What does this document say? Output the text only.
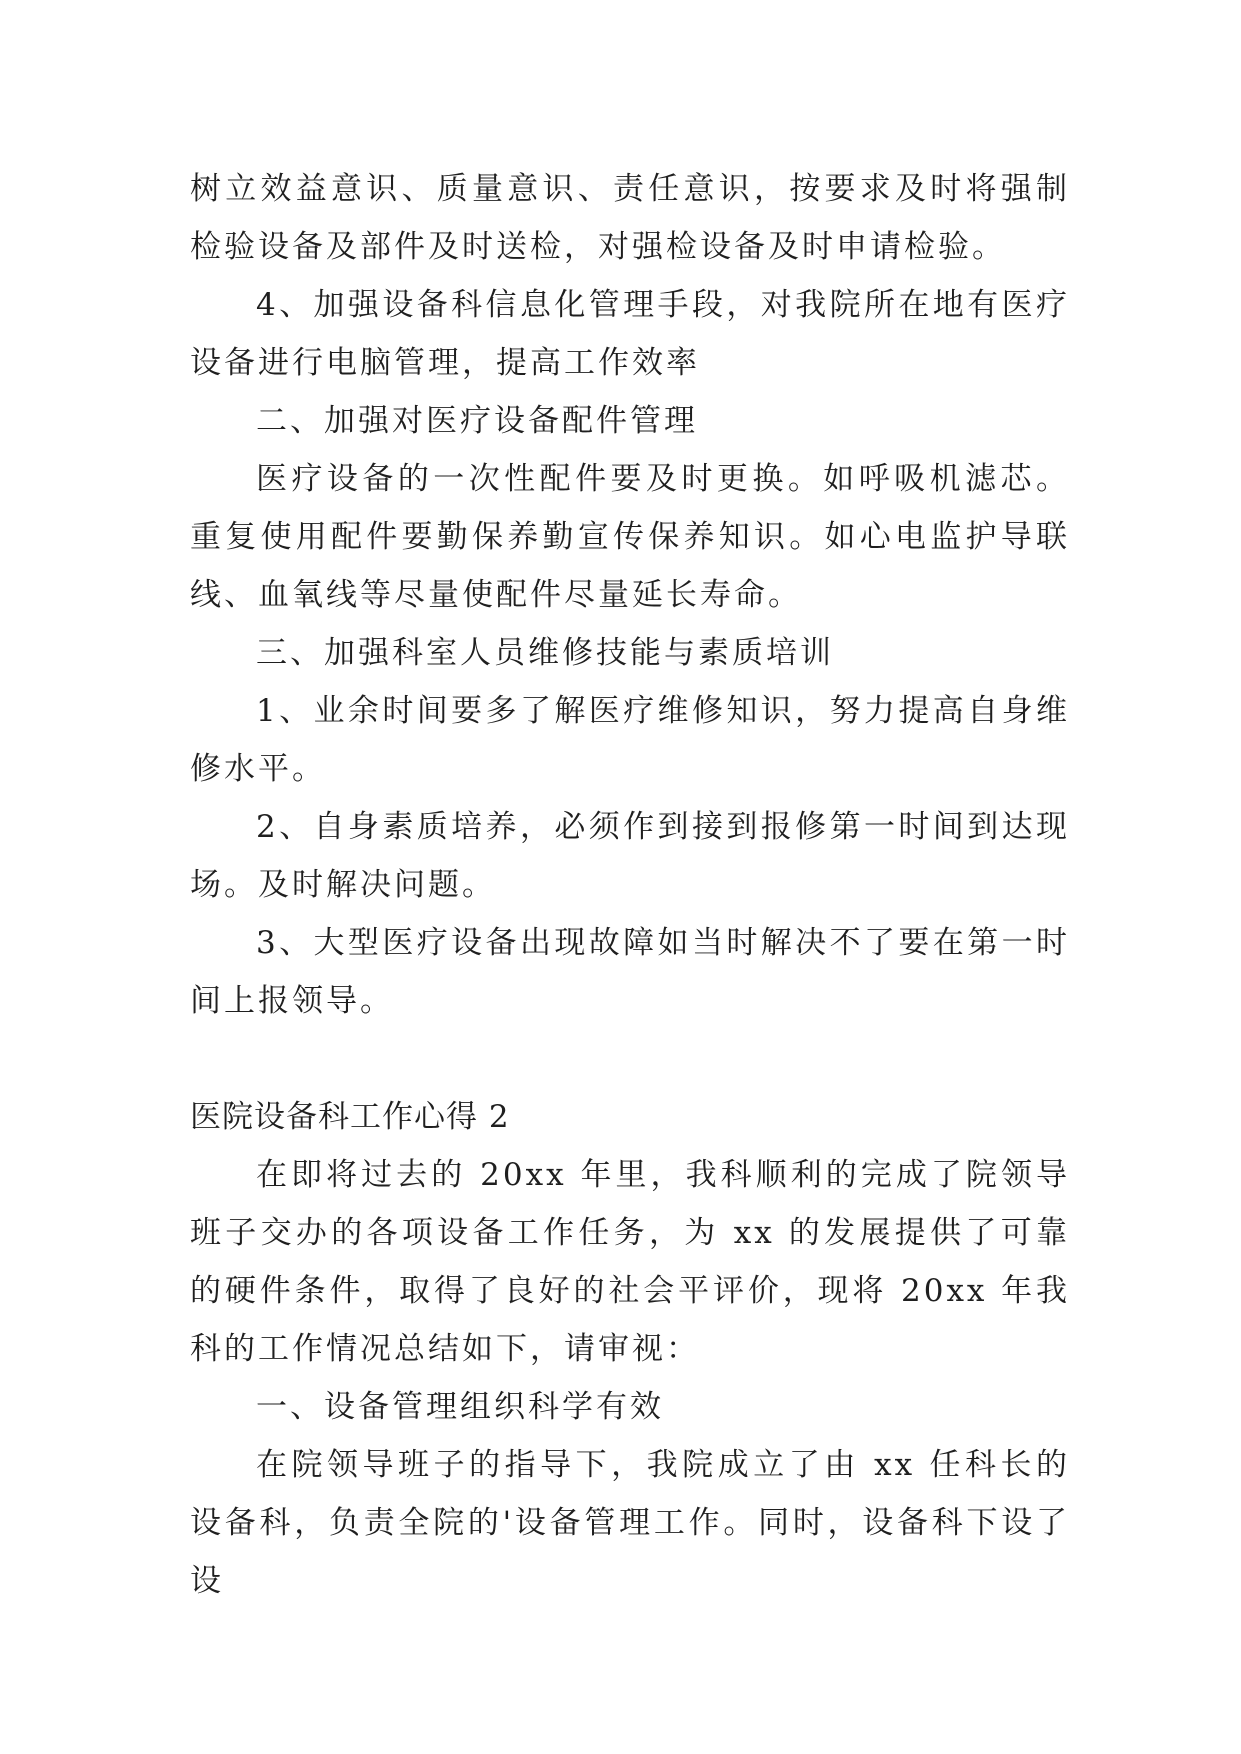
树立效益意识、质量意识、责任意识，按要求及时将强制检验设备及部件及时送检，对强检设备及时申请检验。

4、加强设备科信息化管理手段，对我院所在地有医疗设备进行电脑管理，提高工作效率

二、加强对医疗设备配件管理

医疗设备的一次性配件要及时更换。如呼吸机滤芯。重复使用配件要勤保养勤宣传保养知识。如心电监护导联线、血氧线等尽量使配件尽量延长寿命。

三、加强科室人员维修技能与素质培训

1、业余时间要多了解医疗维修知识，努力提高自身维修水平。

2、自身素质培养，必须作到接到报修第一时间到达现场。及时解决问题。

3、大型医疗设备出现故障如当时解决不了要在第一时间上报领导。

医院设备科工作心得 2

在即将过去的 20xx 年里，我科顺利的完成了院领导班子交办的各项设备工作任务，为 xx 的发展提供了可靠的硬件条件，取得了良好的社会平评价，现将 20xx 年我科的工作情况总结如下，请审视：

一、设备管理组织科学有效

在院领导班子的指导下，我院成立了由 xx 任科长的设备科，负责全院的'设备管理工作。同时，设备科下设了设
